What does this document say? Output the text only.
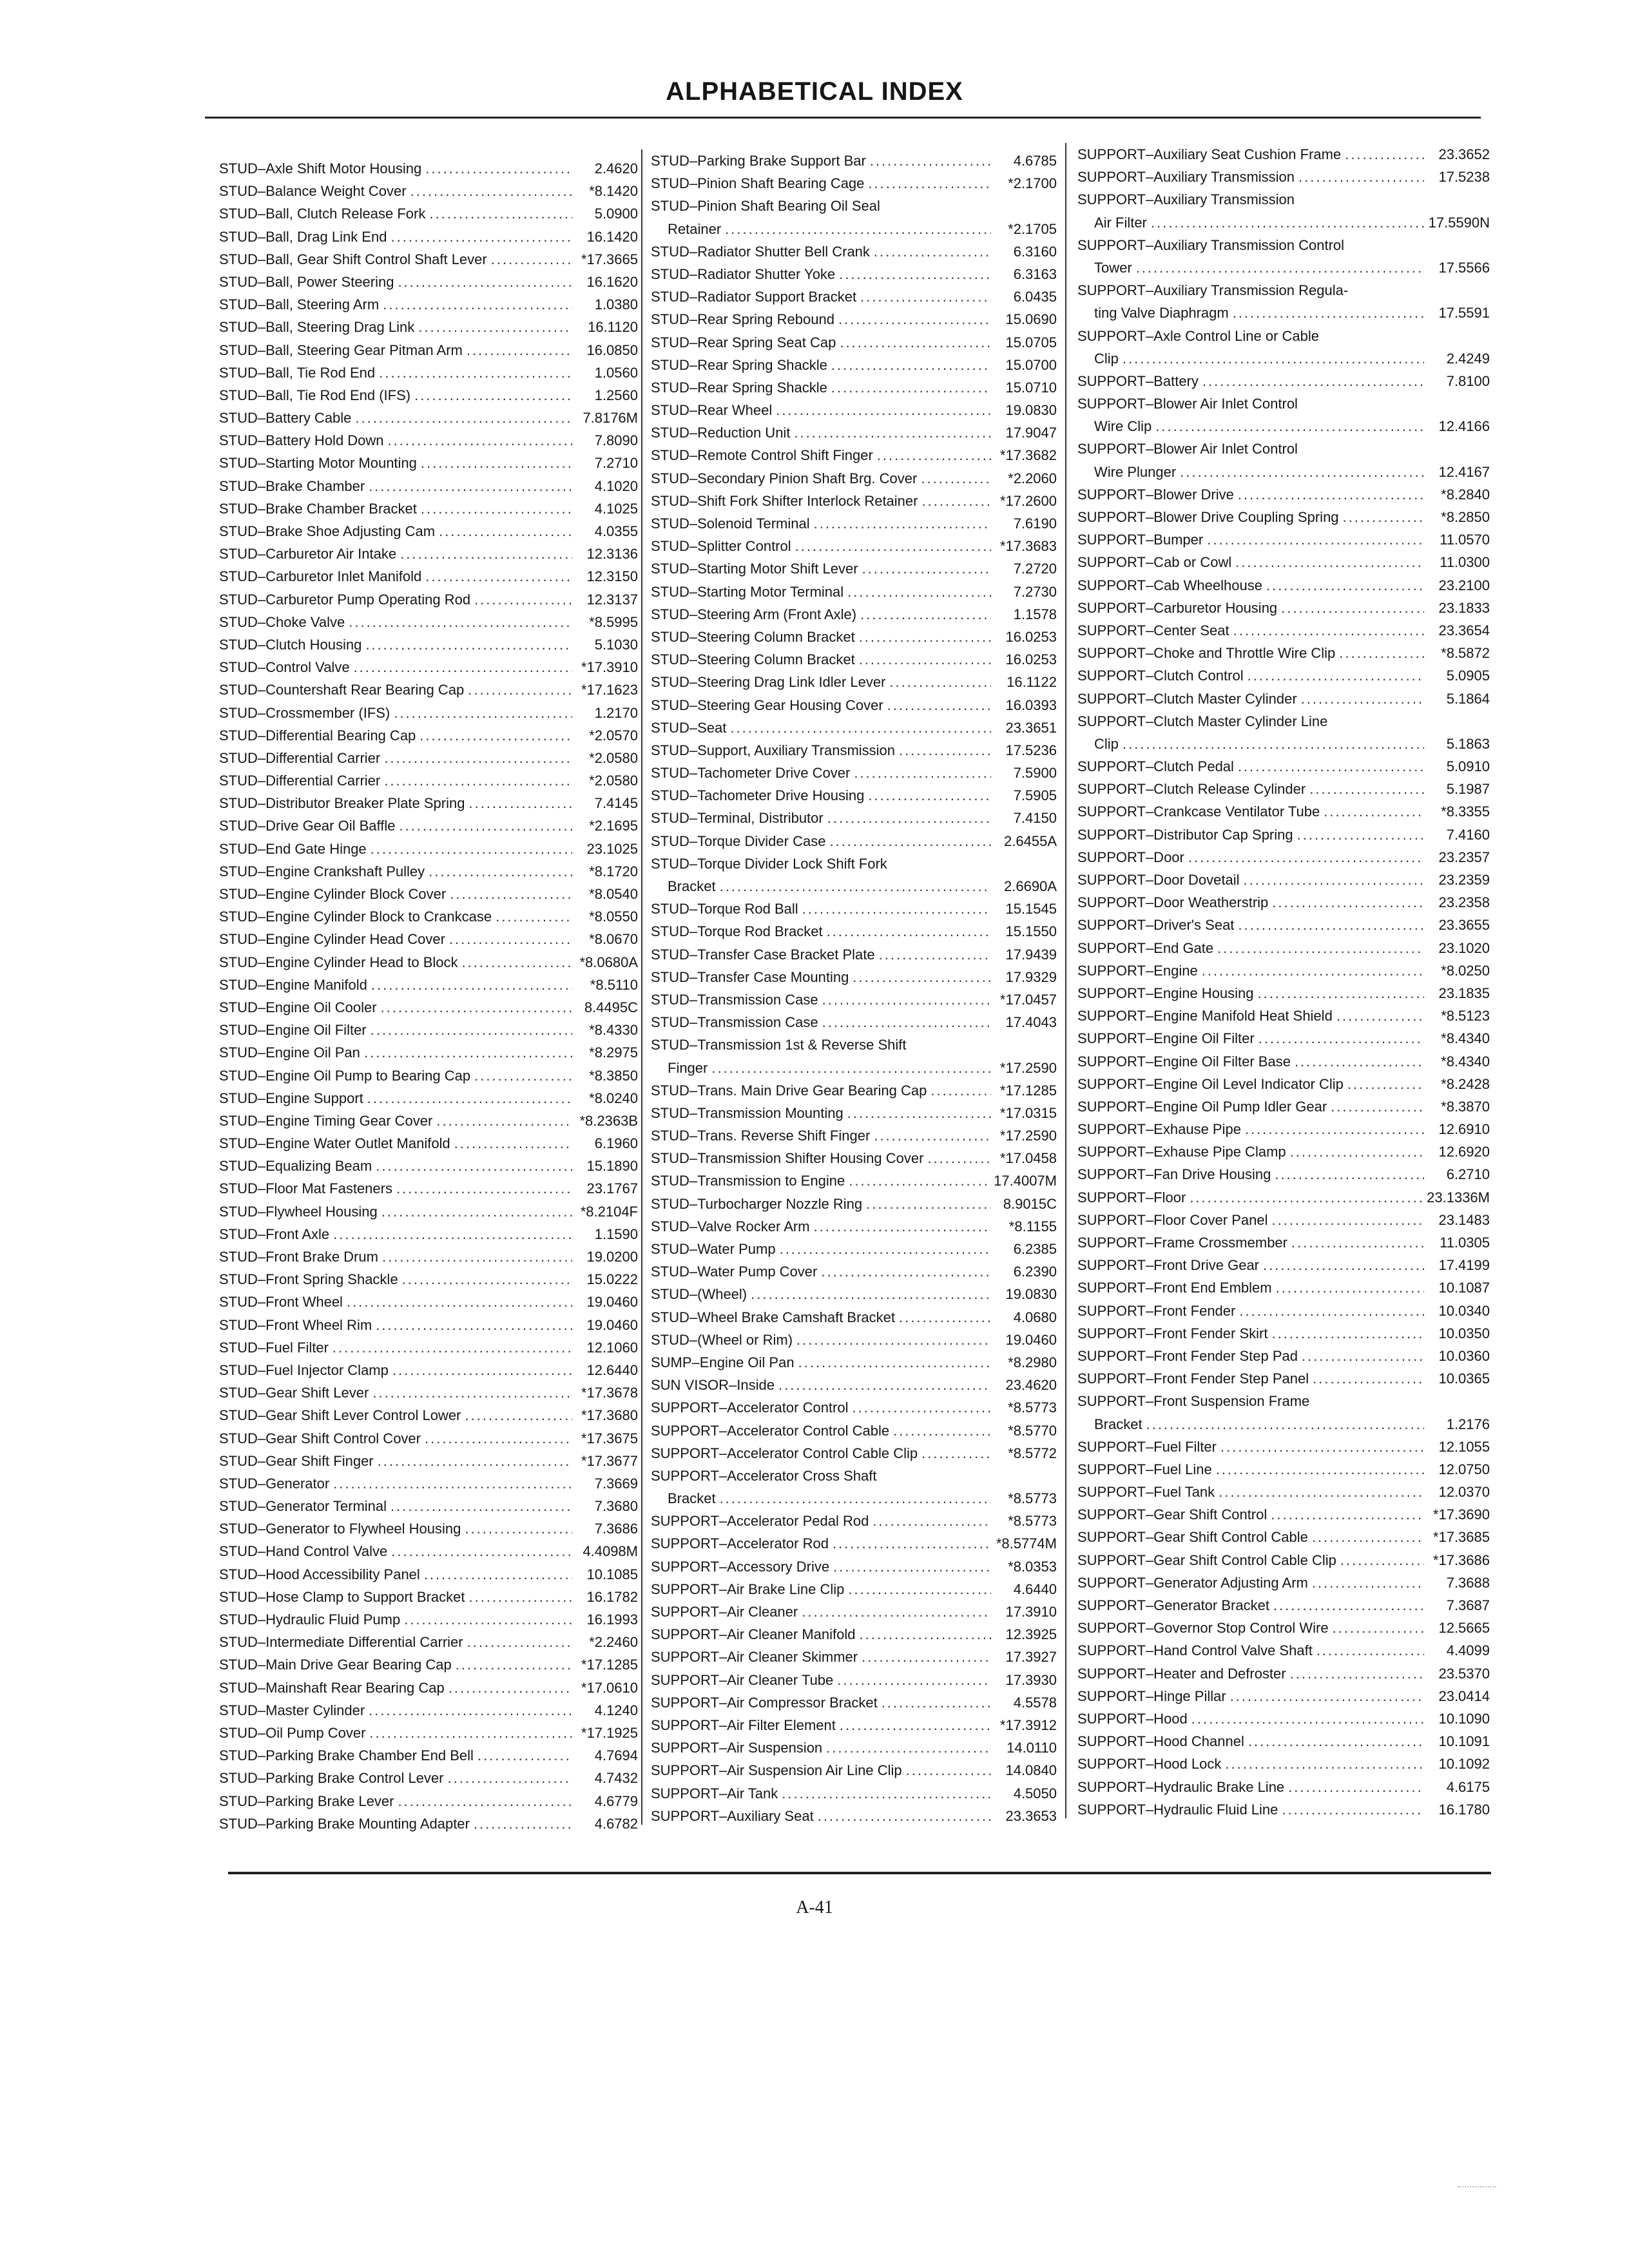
ALPHABETICAL INDEX
STUD–Axle Shift Motor Housing .....	2.4620
STUD–Balance Weight Cover .....	*8.1420
STUD–Ball, Clutch Release Fork .....	5.0900
STUD–Ball, Drag Link End .....	16.1420
STUD–Ball, Gear Shift Control Shaft Lever .....	*17.3665
STUD–Ball, Power Steering .....	16.1620
STUD–Ball, Steering Arm .....	1.0380
STUD–Ball, Steering Drag Link .....	16.1120
STUD–Ball, Steering Gear Pitman Arm .....	16.0850
STUD–Ball, Tie Rod End .....	1.0560
STUD–Ball, Tie Rod End (IFS) .....	1.2560
STUD–Battery Cable .....	7.8176M
STUD–Battery Hold Down .....	7.8090
STUD–Starting Motor Mounting .....	7.2710
STUD–Brake Chamber .....	4.1020
STUD–Brake Chamber Bracket .....	4.1025
STUD–Brake Shoe Adjusting Cam .....	4.0355
STUD–Carburetor Air Intake .....	12.3136
STUD–Carburetor Inlet Manifold .....	12.3150
STUD–Carburetor Pump Operating Rod .....	12.3137
STUD–Choke Valve .....	*8.5995
STUD–Clutch Housing .....	5.1030
STUD–Control Valve .....	*17.3910
STUD–Countershaft Rear Bearing Cap .....	*17.1623
STUD–Crossmember (IFS) .....	1.2170
STUD–Differential Bearing Cap .....	*2.0570
STUD–Differential Carrier .....	*2.0580
STUD–Differential Carrier .....	*2.0580
STUD–Distributor Breaker Plate Spring .....	7.4145
STUD–Drive Gear Oil Baffle .....	*2.1695
STUD–End Gate Hinge .....	23.1025
STUD–Engine Crankshaft Pulley .....	*8.1720
STUD–Engine Cylinder Block Cover .....	*8.0540
STUD–Engine Cylinder Block to Crankcase .....	*8.0550
STUD–Engine Cylinder Head Cover .....	*8.0670
STUD–Engine Cylinder Head to Block .....	*8.0680A
STUD–Engine Manifold .....	*8.5110
STUD–Engine Oil Cooler .....	8.4495C
STUD–Engine Oil Filter .....	*8.4330
STUD–Engine Oil Pan .....	*8.2975
STUD–Engine Oil Pump to Bearing Cap .....	*8.3850
STUD–Engine Support .....	*8.0240
STUD–Engine Timing Gear Cover .....	*8.2363B
STUD–Engine Water Outlet Manifold .....	6.1960
STUD–Equalizing Beam .....	15.1890
STUD–Floor Mat Fasteners .....	23.1767
STUD–Flywheel Housing .....	*8.2104F
STUD–Front Axle .....	1.1590
STUD–Front Brake Drum .....	19.0200
STUD–Front Spring Shackle .....	15.0222
STUD–Front Wheel .....	19.0460
STUD–Front Wheel Rim .....	19.0460
STUD–Fuel Filter .....	12.1060
STUD–Fuel Injector Clamp .....	12.6440
STUD–Gear Shift Lever .....	*17.3678
STUD–Gear Shift Lever Control Lower .....	*17.3680
STUD–Gear Shift Control Cover .....	*17.3675
STUD–Gear Shift Finger .....	*17.3677
STUD–Generator .....	7.3669
STUD–Generator Terminal .....	7.3680
STUD–Generator to Flywheel Housing .....	7.3686
STUD–Hand Control Valve .....	4.4098M
STUD–Hood Accessibility Panel .....	10.1085
STUD–Hose Clamp to Support Bracket .....	16.1782
STUD–Hydraulic Fluid Pump .....	16.1993
STUD–Intermediate Differential Carrier .....	*2.2460
STUD–Main Drive Gear Bearing Cap .....	*17.1285
STUD–Mainshaft Rear Bearing Cap .....	*17.0610
STUD–Master Cylinder .....	4.1240
STUD–Oil Pump Cover .....	*17.1925
STUD–Parking Brake Chamber End Bell .....	4.7694
STUD–Parking Brake Control Lever .....	4.7432
STUD–Parking Brake Lever .....	4.6779
STUD–Parking Brake Mounting Adapter .....	4.6782
STUD–Parking Brake Support Bar .....	4.6785
STUD–Pinion Shaft Bearing Cage .....	*2.1700
STUD–Pinion Shaft Bearing Oil Seal
Retainer .....	*2.1705
STUD–Radiator Shutter Bell Crank .....	6.3160
STUD–Radiator Shutter Yoke .....	6.3163
STUD–Radiator Support Bracket .....	6.0435
STUD–Rear Spring Rebound .....	15.0690
STUD–Rear Spring Seat Cap .....	15.0705
STUD–Rear Spring Shackle .....	15.0700
STUD–Rear Spring Shackle .....	15.0710
STUD–Rear Wheel .....	19.0830
STUD–Reduction Unit .....	17.9047
STUD–Remote Control Shift Finger .....	*17.3682
STUD–Secondary Pinion Shaft Brg. Cover .....	*2.2060
STUD–Shift Fork Shifter Interlock Retainer .....	*17.2600
STUD–Solenoid Terminal .....	7.6190
STUD–Splitter Control .....	*17.3683
STUD–Starting Motor Shift Lever .....	7.2720
STUD–Starting Motor Terminal .....	7.2730
STUD–Steering Arm (Front Axle) .....	1.1578
STUD–Steering Column Bracket .....	16.0253
STUD–Steering Column Bracket .....	16.0253
STUD–Steering Drag Link Idler Lever .....	16.1122
STUD–Steering Gear Housing Cover .....	16.0393
STUD–Seat .....	23.3651
STUD–Support, Auxiliary Transmission .....	17.5236
STUD–Tachometer Drive Cover .....	7.5900
STUD–Tachometer Drive Housing .....	7.5905
STUD–Terminal, Distributor .....	7.4150
STUD–Torque Divider Case .....	2.6455A
STUD–Torque Divider Lock Shift Fork
Bracket .....	2.6690A
STUD–Torque Rod Ball .....	15.1545
STUD–Torque Rod Bracket .....	15.1550
STUD–Transfer Case Bracket Plate .....	17.9439
STUD–Transfer Case Mounting .....	17.9329
STUD–Transmission Case .....	*17.0457
STUD–Transmission Case .....	17.4043
STUD–Transmission 1st & Reverse Shift
Finger .....	*17.2590
STUD–Trans. Main Drive Gear Bearing Cap .....	*17.1285
STUD–Transmission Mounting .....	*17.0315
STUD–Trans. Reverse Shift Finger .....	*17.2590
STUD–Transmission Shifter Housing Cover .....	*17.0458
STUD–Transmission to Engine .....	17.4007M
STUD–Turbocharger Nozzle Ring .....	8.9015C
STUD–Valve Rocker Arm .....	*8.1155
STUD–Water Pump .....	6.2385
STUD–Water Pump Cover .....	6.2390
STUD–(Wheel) .....	19.0830
STUD–Wheel Brake Camshaft Bracket .....	4.0680
STUD–(Wheel or Rim) .....	19.0460
SUMP–Engine Oil Pan .....	*8.2980
SUN VISOR–Inside .....	23.4620
SUPPORT–Accelerator Control .....	*8.5773
SUPPORT–Accelerator Control Cable .....	*8.5770
SUPPORT–Accelerator Control Cable Clip .....	*8.5772
SUPPORT–Accelerator Cross Shaft
Bracket .....	*8.5773
SUPPORT–Accelerator Pedal Rod .....	*8.5773
SUPPORT–Accelerator Rod .....	*8.5774M
SUPPORT–Accessory Drive .....	*8.0353
SUPPORT–Air Brake Line Clip .....	4.6440
SUPPORT–Air Cleaner .....	17.3910
SUPPORT–Air Cleaner Manifold .....	12.3925
SUPPORT–Air Cleaner Skimmer .....	17.3927
SUPPORT–Air Cleaner Tube .....	17.3930
SUPPORT–Air Compressor Bracket .....	4.5578
SUPPORT–Air Filter Element .....	*17.3912
SUPPORT–Air Suspension .....	14.0110
SUPPORT–Air Suspension Air Line Clip .....	14.0840
SUPPORT–Air Tank .....	4.5050
SUPPORT–Auxiliary Seat .....	23.3653
SUPPORT–Auxiliary Seat Cushion Frame .....	23.3652
SUPPORT–Auxiliary Transmission .....	17.5238
SUPPORT–Auxiliary Transmission
Air Filter .....	17.5590N
SUPPORT–Auxiliary Transmission Control
Tower .....	17.5566
SUPPORT–Auxiliary Transmission Regula-
ting Valve Diaphragm .....	17.5591
SUPPORT–Axle Control Line or Cable
Clip .....	2.4249
SUPPORT–Battery .....	7.8100
SUPPORT–Blower Air Inlet Control
Wire Clip .....	12.4166
SUPPORT–Blower Air Inlet Control
Wire Plunger .....	12.4167
SUPPORT–Blower Drive .....	*8.2840
SUPPORT–Blower Drive Coupling Spring .....	*8.2850
SUPPORT–Bumper .....	11.0570
SUPPORT–Cab or Cowl .....	11.0300
SUPPORT–Cab Wheelhouse .....	23.2100
SUPPORT–Carburetor Housing .....	23.1833
SUPPORT–Center Seat .....	23.3654
SUPPORT–Choke and Throttle Wire Clip .....	*8.5872
SUPPORT–Clutch Control .....	5.0905
SUPPORT–Clutch Master Cylinder .....	5.1864
SUPPORT–Clutch Master Cylinder Line
Clip .....	5.1863
SUPPORT–Clutch Pedal .....	5.0910
SUPPORT–Clutch Release Cylinder .....	5.1987
SUPPORT–Crankcase Ventilator Tube .....	*8.3355
SUPPORT–Distributor Cap Spring .....	7.4160
SUPPORT–Door .....	23.2357
SUPPORT–Door Dovetail .....	23.2359
SUPPORT–Door Weatherstrip .....	23.2358
SUPPORT–Driver's Seat .....	23.3655
SUPPORT–End Gate .....	23.1020
SUPPORT–Engine .....	*8.0250
SUPPORT–Engine Housing .....	23.1835
SUPPORT–Engine Manifold Heat Shield .....	*8.5123
SUPPORT–Engine Oil Filter .....	*8.4340
SUPPORT–Engine Oil Filter Base .....	*8.4340
SUPPORT–Engine Oil Level Indicator Clip .....	*8.2428
SUPPORT–Engine Oil Pump Idler Gear .....	*8.3870
SUPPORT–Exhause Pipe .....	12.6910
SUPPORT–Exhause Pipe Clamp .....	12.6920
SUPPORT–Fan Drive Housing .....	6.2710
SUPPORT–Floor .....	23.1336M
SUPPORT–Floor Cover Panel .....	23.1483
SUPPORT–Frame Crossmember .....	11.0305
SUPPORT–Front Drive Gear .....	17.4199
SUPPORT–Front End Emblem .....	10.1087
SUPPORT–Front Fender .....	10.0340
SUPPORT–Front Fender Skirt .....	10.0350
SUPPORT–Front Fender Step Pad .....	10.0360
SUPPORT–Front Fender Step Panel .....	10.0365
SUPPORT–Front Suspension Frame
Bracket .....	1.2176
SUPPORT–Fuel Filter .....	12.1055
SUPPORT–Fuel Line .....	12.0750
SUPPORT–Fuel Tank .....	12.0370
SUPPORT–Gear Shift Control .....	*17.3690
SUPPORT–Gear Shift Control Cable .....	*17.3685
SUPPORT–Gear Shift Control Cable Clip .....	*17.3686
SUPPORT–Generator Adjusting Arm .....	7.3688
SUPPORT–Generator Bracket .....	7.3687
SUPPORT–Governor Stop Control Wire .....	12.5665
SUPPORT–Hand Control Valve Shaft .....	4.4099
SUPPORT–Heater and Defroster .....	23.5370
SUPPORT–Hinge Pillar .....	23.0414
SUPPORT–Hood .....	10.1090
SUPPORT–Hood Channel .....	10.1091
SUPPORT–Hood Lock .....	10.1092
SUPPORT–Hydraulic Brake Line .....	4.6175
SUPPORT–Hydraulic Fluid Line .....	16.1780
A-41
